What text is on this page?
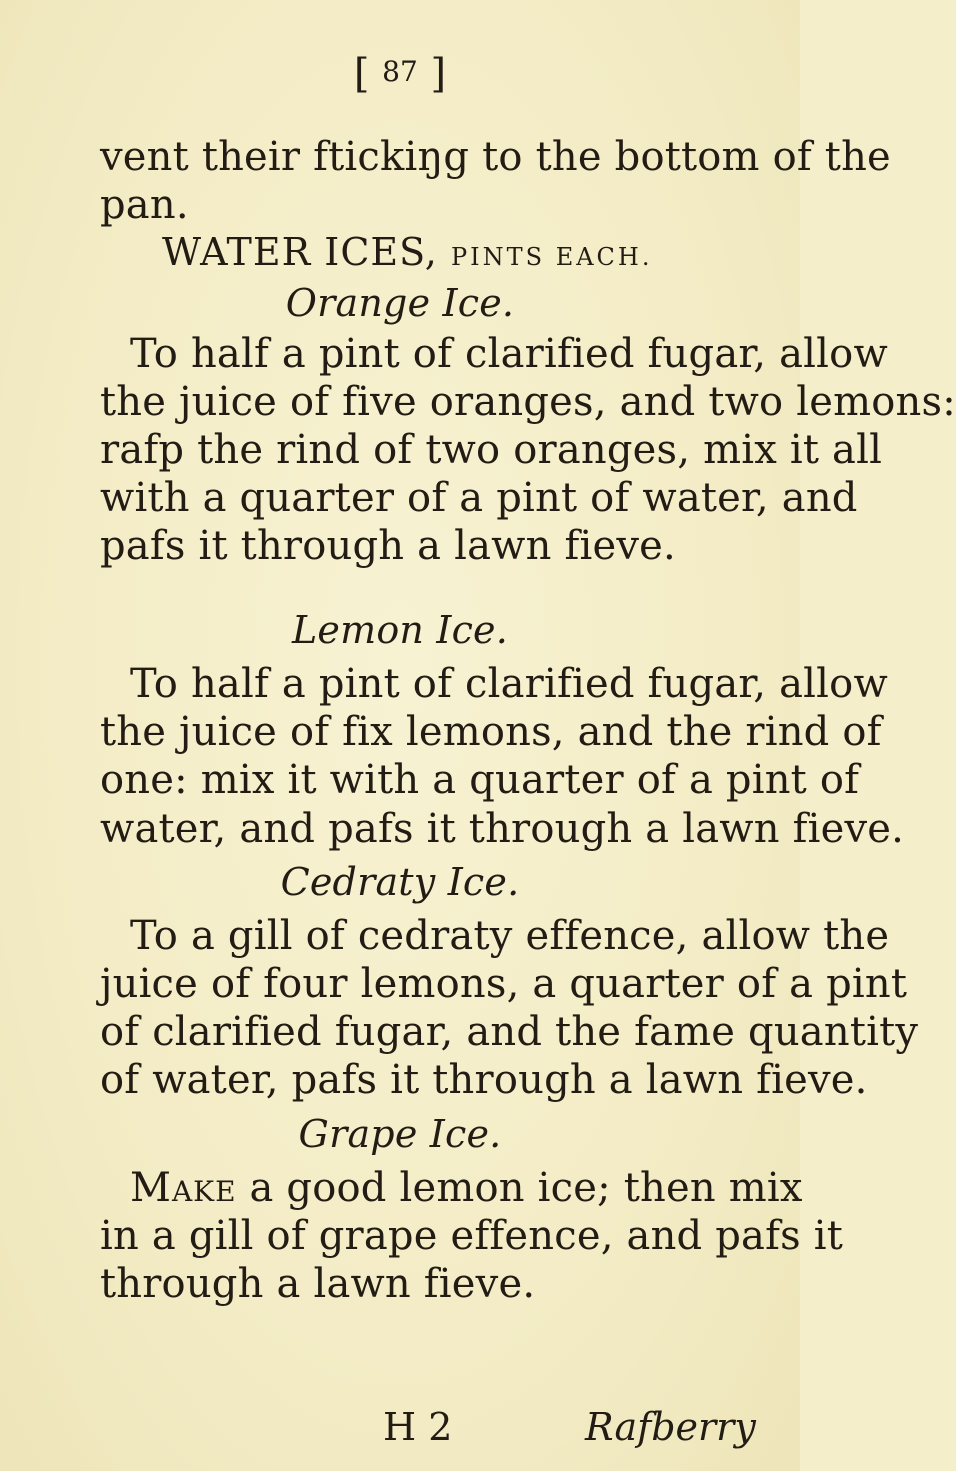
[ 87 ]
vent their ftickiŋg to the bottom of the
pan.
WATER ICES, PINTS EACH.
Orange Ice.
To half a pint of clarified fugar, allow
the juice of five oranges, and two lemons:
rafp the rind of two oranges, mix it all
with a quarter of a pint of water, and
pafs it through a lawn fieve.
Lemon Ice.
To half a pint of clarified fugar, allow
the juice of fix lemons, and the rind of
one: mix it with a quarter of a pint of
water, and pafs it through a lawn fieve.
Cedraty Ice.
To a gill of cedraty effence, allow the
juice of four lemons, a quarter of a pint
of clarified fugar, and the fame quantity
of water, pafs it through a lawn fieve.
Grape Ice.
Make a good lemon ice; then mix
in a gill of grape effence, and pafs it
through a lawn fieve.
H 2	Rafberry
